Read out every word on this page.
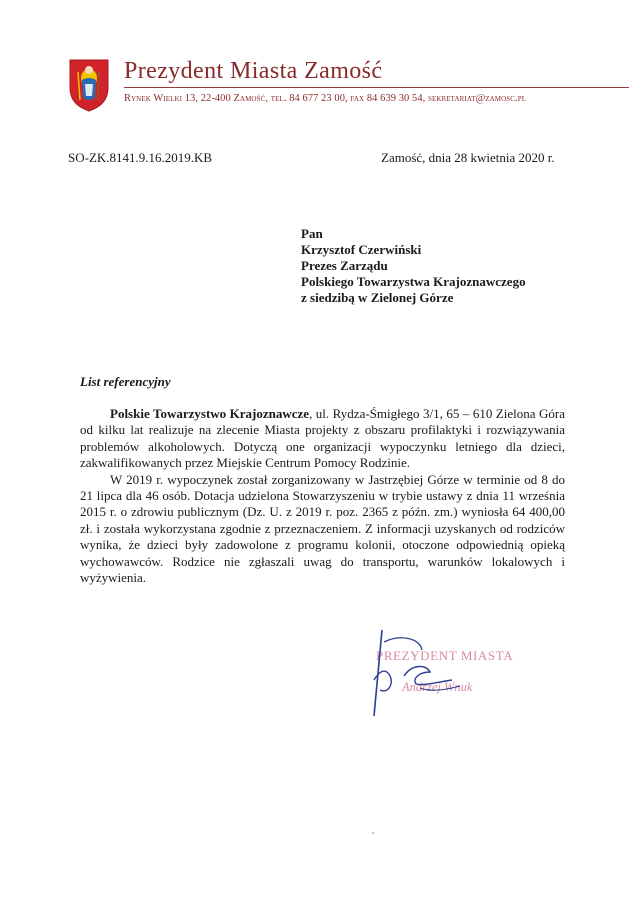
Prezydent Miasta Zamość
Rynek Wielki 13, 22-400 Zamość, tel. 84 677 23 00, fax 84 639 30 54, sekretariat@zamosc.pl
SO-ZK.8141.9.16.2019.KB	Zamość, dnia 28 kwietnia 2020 r.
Pan
Krzysztof Czerwiński
Prezes Zarządu
Polskiego Towarzystwa Krajoznawczego
z siedzibą w Zielonej Górze
List referencyjny

Polskie Towarzystwo Krajoznawcze, ul. Rydza-Śmigłego 3/1, 65 – 610 Zielona Góra od kilku lat realizuje na zlecenie Miasta projekty z obszaru profilaktyki i rozwiązywania problemów alkoholowych. Dotyczą one organizacji wypoczynku letniego dla dzieci, zakwalifikowanych przez Miejskie Centrum Pomocy Rodzinie.

W 2019 r. wypoczynek został zorganizowany w Jastrzębiej Górze w terminie od 8 do 21 lipca dla 46 osób. Dotacja udzielona Stowarzyszeniu w trybie ustawy z dnia 11 września 2015 r. o zdrowiu publicznym (Dz. U. z 2019 r. poz. 2365 z późn. zm.) wyniosła 64 400,00 zł. i została wykorzystana zgodnie z przeznaczeniem. Z informacji uzyskanych od rodziców wynika, że dzieci były zadowolone z programu kolonii, otoczone odpowiednią opieką wychowawców. Rodzice nie zgłaszali uwag do transportu, warunków lokalowych i wyżywienia.

PREZYDENT MIASTA
Andrzej Wnuk
